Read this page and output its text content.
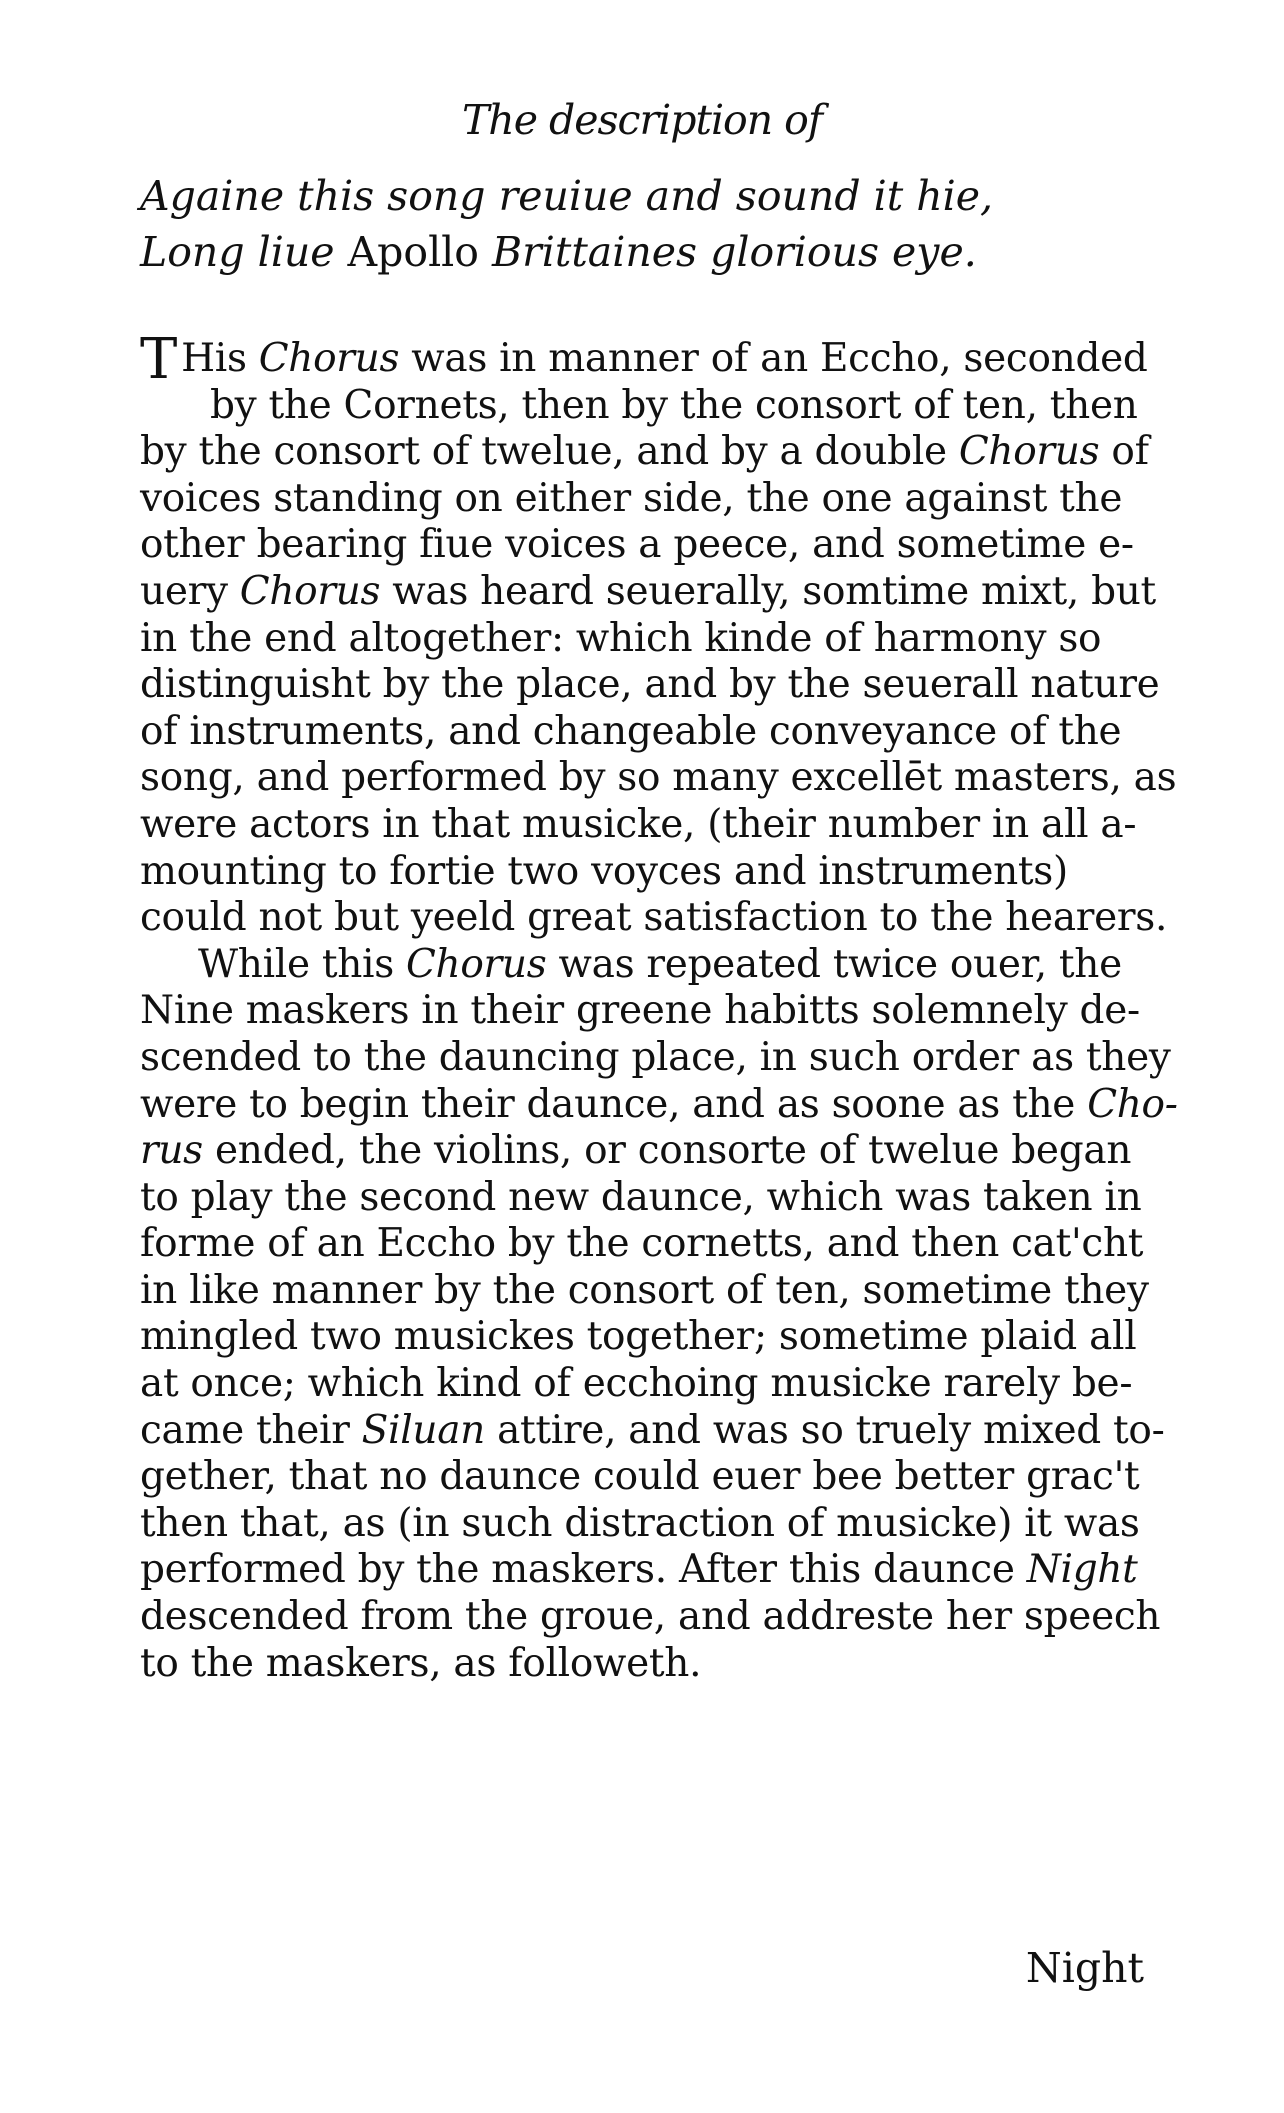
The description of
Againe this song reuiue and sound it hie,
Long liue Apollo Brittaines glorious eye.
T His Chorus was in manner of an Eccho, seconded
by the Cornets, then by the consort of ten, then
by the consort of twelue, and by a double Chorus of
voices standing on either side, the one against the
other bearing fiue voices a peece, and sometime e-
uery Chorus was heard seuerally, somtime mixt, but
in the end altogether: which kinde of harmony so
distinguisht by the place, and by the seuerall nature
of instruments, and changeable conveyance of the
song, and performed by so many excellēt masters, as
were actors in that musicke, (their number in all a-
mounting to fortie two voyces and instruments)
could not but yeeld great satisfaction to the hearers.
While this Chorus was repeated twice ouer, the
Nine maskers in their greene habitts solemnely de-
scended to the dauncing place, in such order as they
were to begin their daunce, and as soone as the Cho-
rus ended, the violins, or consorte of twelue began
to play the second new daunce, which was taken in
forme of an Eccho by the cornetts, and then cat'cht
in like manner by the consort of ten, sometime they
mingled two musickes together; sometime plaid all
at once; which kind of ecchoing musicke rarely be-
came their Siluan attire, and was so truely mixed to-
gether, that no daunce could euer bee better grac't
then that, as (in such distraction of musicke) it was
performed by the maskers. After this daunce Night
descended from the groue, and addreste her speech
to the maskers, as followeth.
Night
